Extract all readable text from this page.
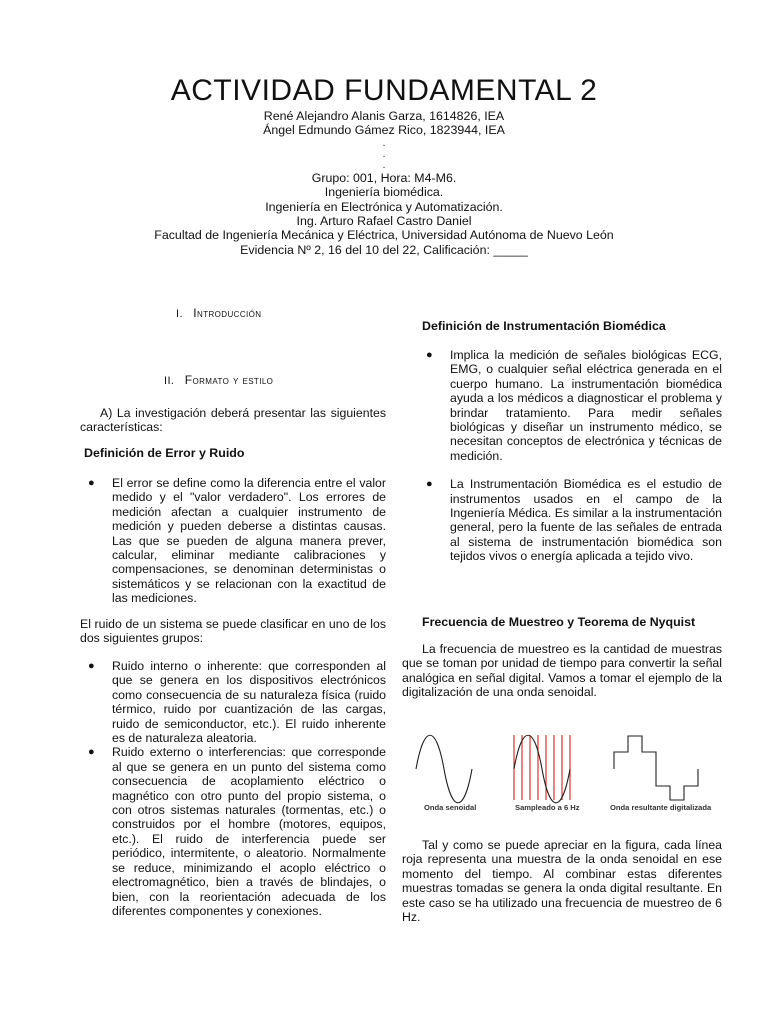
ACTIVIDAD FUNDAMENTAL 2
René Alejandro Alanis Garza, 1614826, IEA
Ángel Edmundo Gámez Rico, 1823944, IEA
.
.
.
Grupo: 001, Hora: M4-M6.
Ingeniería biomédica.
Ingeniería en Electrónica y Automatización.
Ing. Arturo Rafael Castro Daniel
Facultad de Ingeniería Mecánica y Eléctrica, Universidad Autónoma de Nuevo León
Evidencia Nº 2, 16 del 10 del 22, Calificación: _____
I. Introducción
II. Formato y estilo
A) La investigación deberá presentar las siguientes características:
Definición de Error y Ruido
● El error se define como la diferencia entre el valor medido y el "valor verdadero". Los errores de medición afectan a cualquier instrumento de medición y pueden deberse a distintas causas. Las que se pueden de alguna manera prever, calcular, eliminar mediante calibraciones y compensaciones, se denominan deterministas o sistemáticos y se relacionan con la exactitud de las mediciones.
El ruido de un sistema se puede clasificar en uno de los dos siguientes grupos:
● Ruido interno o inherente: que corresponden al que se genera en los dispositivos electrónicos como consecuencia de su naturaleza física (ruido térmico, ruido por cuantización de las cargas, ruido de semiconductor, etc.). El ruido inherente es de naturaleza aleatoria.
● Ruido externo o interferencias: que corresponde al que se genera en un punto del sistema como consecuencia de acoplamiento eléctrico o magnético con otro punto del propio sistema, o con otros sistemas naturales (tormentas, etc.) o construidos por el hombre (motores, equipos, etc.). El ruido de interferencia puede ser periódico, intermitente, o aleatorio. Normalmente se reduce, minimizando el acoplo eléctrico o electromagnético, bien a través de blindajes, o bien, con la reorientación adecuada de los diferentes componentes y conexiones.
Definición de Instrumentación Biomédica
● Implica la medición de señales biológicas ECG, EMG, o cualquier señal eléctrica generada en el cuerpo humano. La instrumentación biomédica ayuda a los médicos a diagnosticar el problema y brindar tratamiento. Para medir señales biológicas y diseñar un instrumento médico, se necesitan conceptos de electrónica y técnicas de medición.
● La Instrumentación Biomédica es el estudio de instrumentos usados en el campo de la Ingeniería Médica. Es similar a la instrumentación general, pero la fuente de las señales de entrada al sistema de instrumentación biomédica son tejidos vivos o energía aplicada a tejido vivo.
Frecuencia de Muestreo y Teorema de Nyquist
La frecuencia de muestreo es la cantidad de muestras que se toman por unidad de tiempo para convertir la señal analógica en señal digital. Vamos a tomar el ejemplo de la digitalización de una onda senoidal.
Tal y como se puede apreciar en la figura, cada línea roja representa una muestra de la onda senoidal en ese momento del tiempo. Al combinar estas diferentes muestras tomadas se genera la onda digital resultante. En este caso se ha utilizado una frecuencia de muestreo de 6 Hz.
Onda senoidal	Sampleado a 6 Hz	Onda resultante digitalizada
